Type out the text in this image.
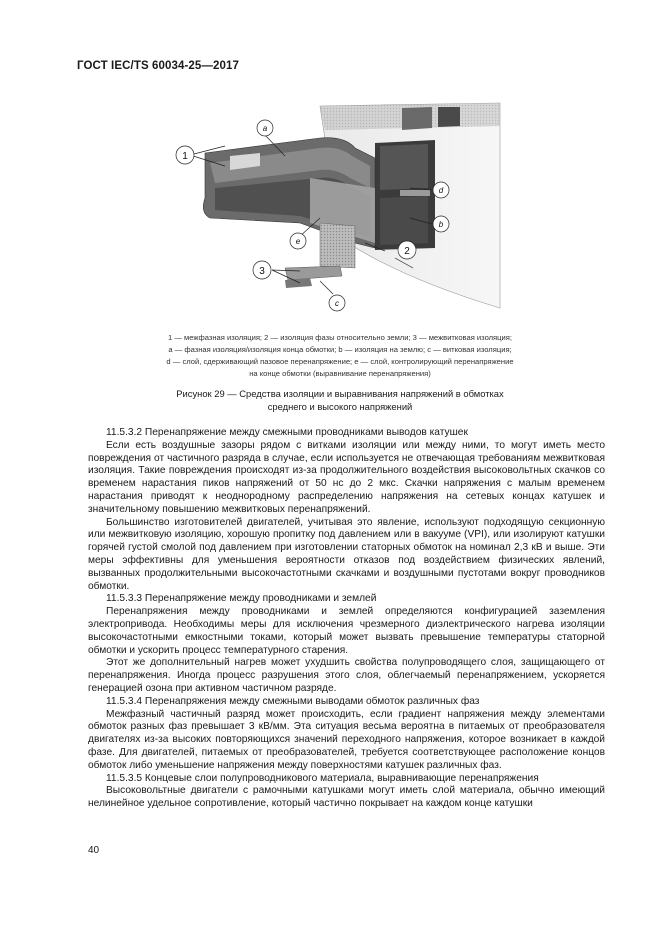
ГОСТ IEC/TS 60034-25—2017
1
a
e
d
b
2
3
c
1 — межфазная изоляция; 2 — изоляция фазы относительно земли; 3 — межвитковая изоляция;
a — фазная изоляция/изоляция конца обмотки; b — изоляция на землю; c — витковая изоляция;
d — слой, сдерживающий пазовое перенапряжение; e — слой, контролирующий перенапряжение
на конце обмотки (выравнивание перенапряжения)
Рисунок 29 — Средства изоляции и выравнивания напряжений в обмотках
среднего и высокого напряжений

11.5.3.2 Перенапряжение между смежными проводниками выводов катушек

Если есть воздушные зазоры рядом с витками изоляции или между ними, то могут иметь место повреждения от частичного разряда в случае, если используется не отвечающая требованиям межвитковая изоляция. Такие повреждения происходят из-за продолжительного воздействия высоковольтных скачков со временем нарастания пиков напряжений от 50 нс до 2 мкс. Скачки напряжения с малым временем нарастания приводят к неоднородному распределению напряжения на сетевых концах катушек и значительному повышению межвитковых перенапряжений.

Большинство изготовителей двигателей, учитывая это явление, используют подходящую секционную или межвитковую изоляцию, хорошую пропитку под давлением или в вакууме (VPI), или изолируют катушки горячей густой смолой под давлением при изготовлении статорных обмоток на номинал 2,3 кВ и выше. Эти меры эффективны для уменьшения вероятности отказов под воздействием физических явлений, вызванных продолжительными высокочастотными скачками и воздушными пустотами вокруг проводников обмотки.

11.5.3.3 Перенапряжение между проводниками и землей

Перенапряжения между проводниками и землей определяются конфигурацией заземления электропривода. Необходимы меры для исключения чрезмерного диэлектрического нагрева изоляции высокочастотными емкостными токами, который может вызвать превышение температуры статорной обмотки и ускорить процесс температурного старения.

Этот же дополнительный нагрев может ухудшить свойства полупроводящего слоя, защищающего от перенапряжения. Иногда процесс разрушения этого слоя, облегчаемый перенапряжением, ускоряется генерацией озона при активном частичном разряде.

11.5.3.4 Перенапряжения между смежными выводами обмоток различных фаз

Межфазный частичный разряд может происходить, если градиент напряжения между элементами обмоток разных фаз превышает 3 кВ/мм. Эта ситуация весьма вероятна в питаемых от преобразователя двигателях из-за высоких повторяющихся значений переходного напряжения, которое возникает в каждой фазе. Для двигателей, питаемых от преобразователей, требуется соответствующее расположение концов обмоток либо уменьшение напряжения между поверхностями катушек различных фаз.

11.5.3.5 Концевые слои полупроводникового материала, выравнивающие перенапряжения

Высоковольтные двигатели с рамочными катушками могут иметь слой материала, обычно имеющий нелинейное удельное сопротивление, который частично покрывает на каждом конце катушки

40
